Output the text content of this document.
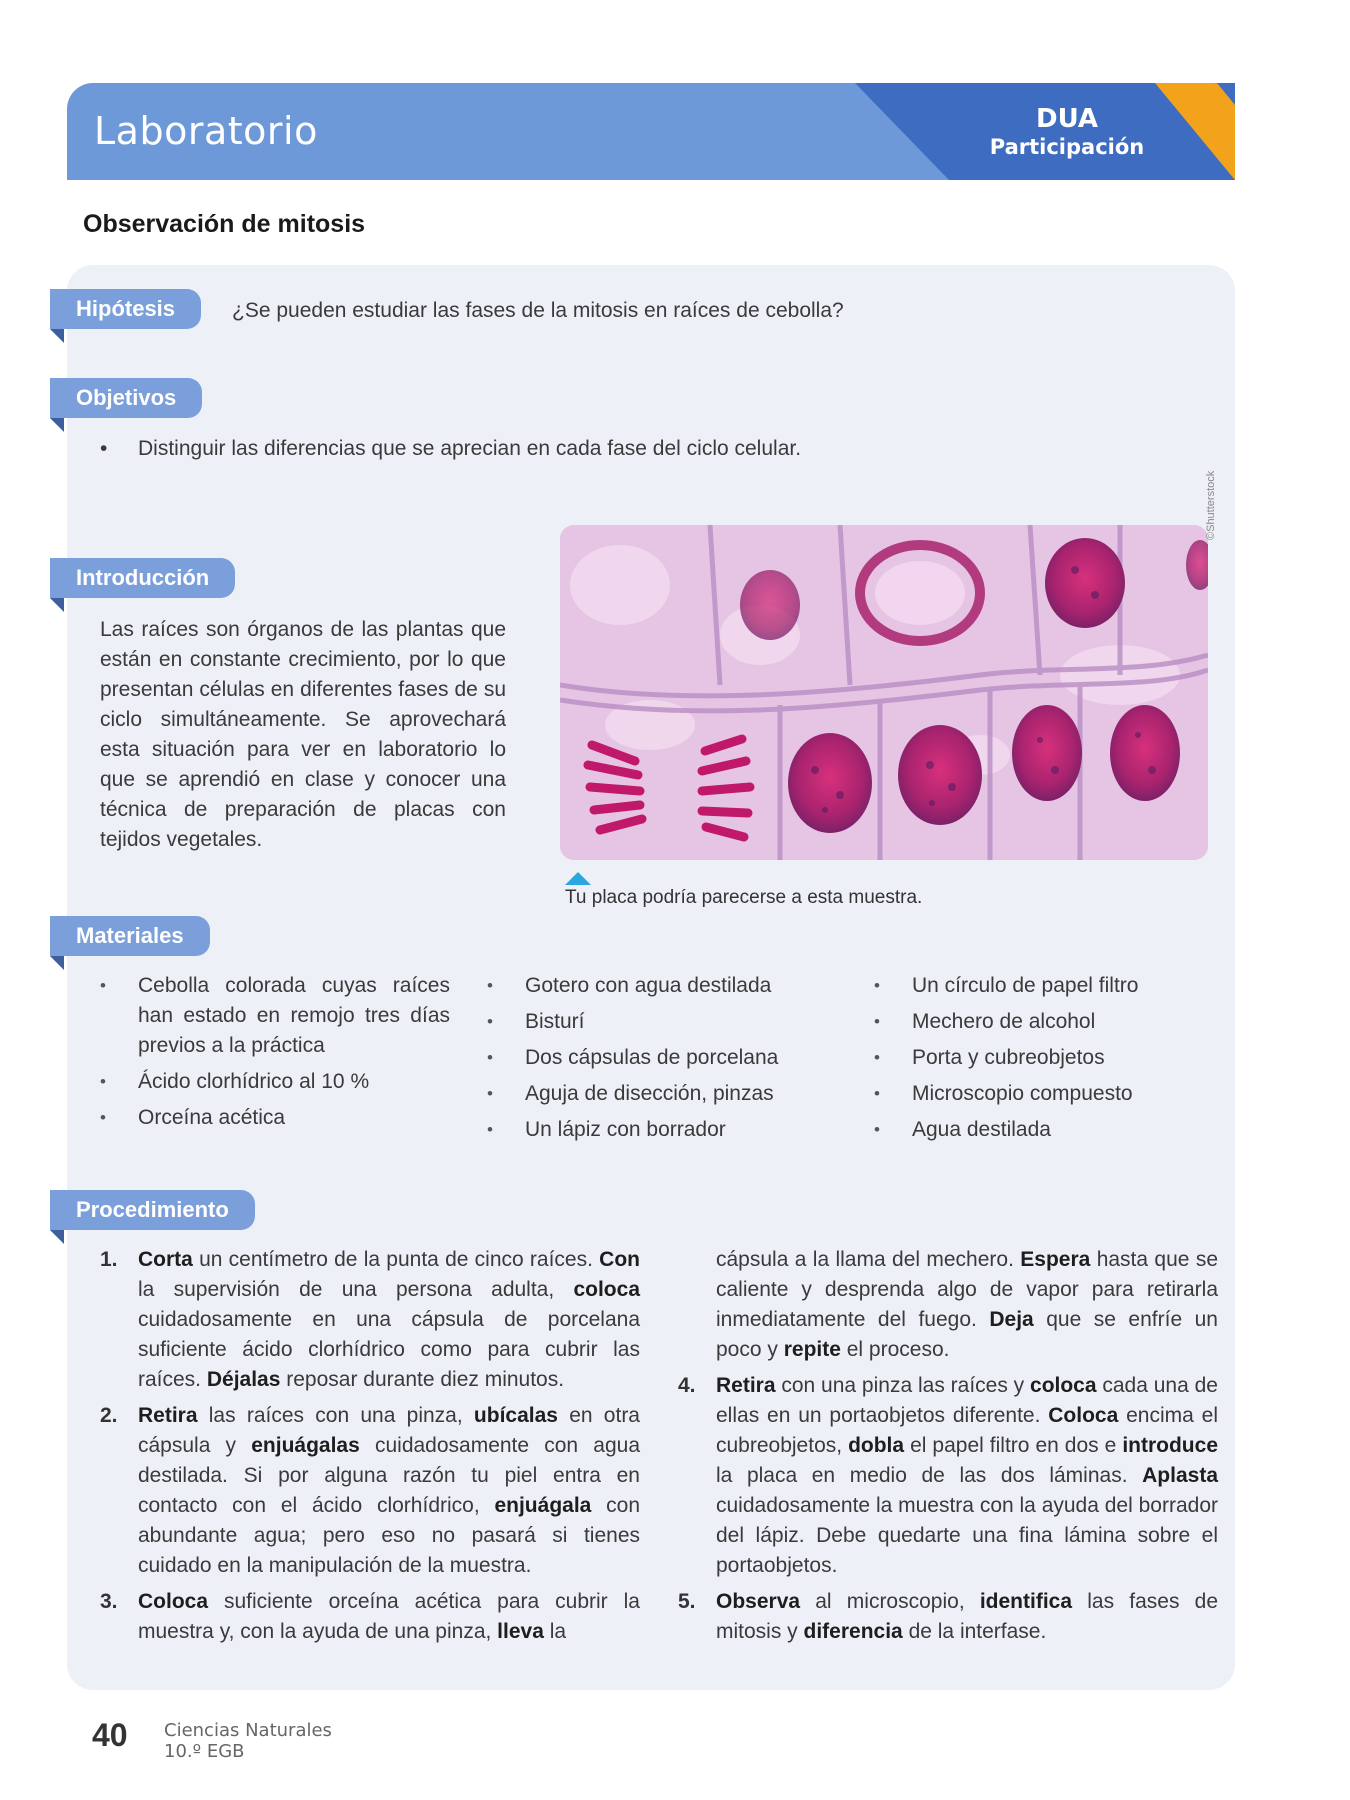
Laboratorio	DUA
Participación
Observación de mitosis
Hipótesis	¿Se pueden estudiar las fases de la mitosis en raíces de cebolla?
Objetivos
• Distinguir las diferencias que se aprecian en cada fase del ciclo celular.
Introducción
Las raíces son órganos de las plantas que están en constante crecimiento, por lo que presentan células en diferentes fases de su ciclo simultáneamente. Se aprovechará esta situación para ver en laboratorio lo que se aprendió en clase y conocer una técnica de preparación de placas con tejidos vegetales.
©Shutterstock
Tu placa podría parecerse a esta muestra.
Materiales
• Cebolla colorada cuyas raíces han estado en remojo tres días previos a la práctica
• Ácido clorhídrico al 10 %
• Orceína acética
• Gotero con agua destilada
• Bisturí
• Dos cápsulas de porcelana
• Aguja de disección, pinzas
• Un lápiz con borrador
• Un círculo de papel filtro
• Mechero de alcohol
• Porta y cubreobjetos
• Microscopio compuesto
• Agua destilada
Procedimiento
1. Corta un centímetro de la punta de cinco raíces. Con la supervisión de una persona adulta, coloca cuidadosamente en una cápsula de porcelana suficiente ácido clorhídrico como para cubrir las raíces. Déjalas reposar durante diez minutos.
2. Retira las raíces con una pinza, ubícalas en otra cápsula y enjuágalas cuidadosamente con agua destilada. Si por alguna razón tu piel entra en contacto con el ácido clorhídrico, enjuágala con abundante agua; pero eso no pasará si tienes cuidado en la manipulación de la muestra.
3. Coloca suficiente orceína acética para cubrir la muestra y, con la ayuda de una pinza, lleva la
cápsula a la llama del mechero. Espera hasta que se caliente y desprenda algo de vapor para retirarla inmediatamente del fuego. Deja que se enfríe un poco y repite el proceso.
4. Retira con una pinza las raíces y coloca cada una de ellas en un portaobjetos diferente. Coloca encima el cubreobjetos, dobla el papel filtro en dos e introduce la placa en medio de las dos láminas. Aplasta cuidadosamente la muestra con la ayuda del borrador del lápiz. Debe quedarte una fina lámina sobre el portaobjetos.
5. Observa al microscopio, identifica las fases de mitosis y diferencia de la interfase.
40 Ciencias Naturales
10.º EGB
